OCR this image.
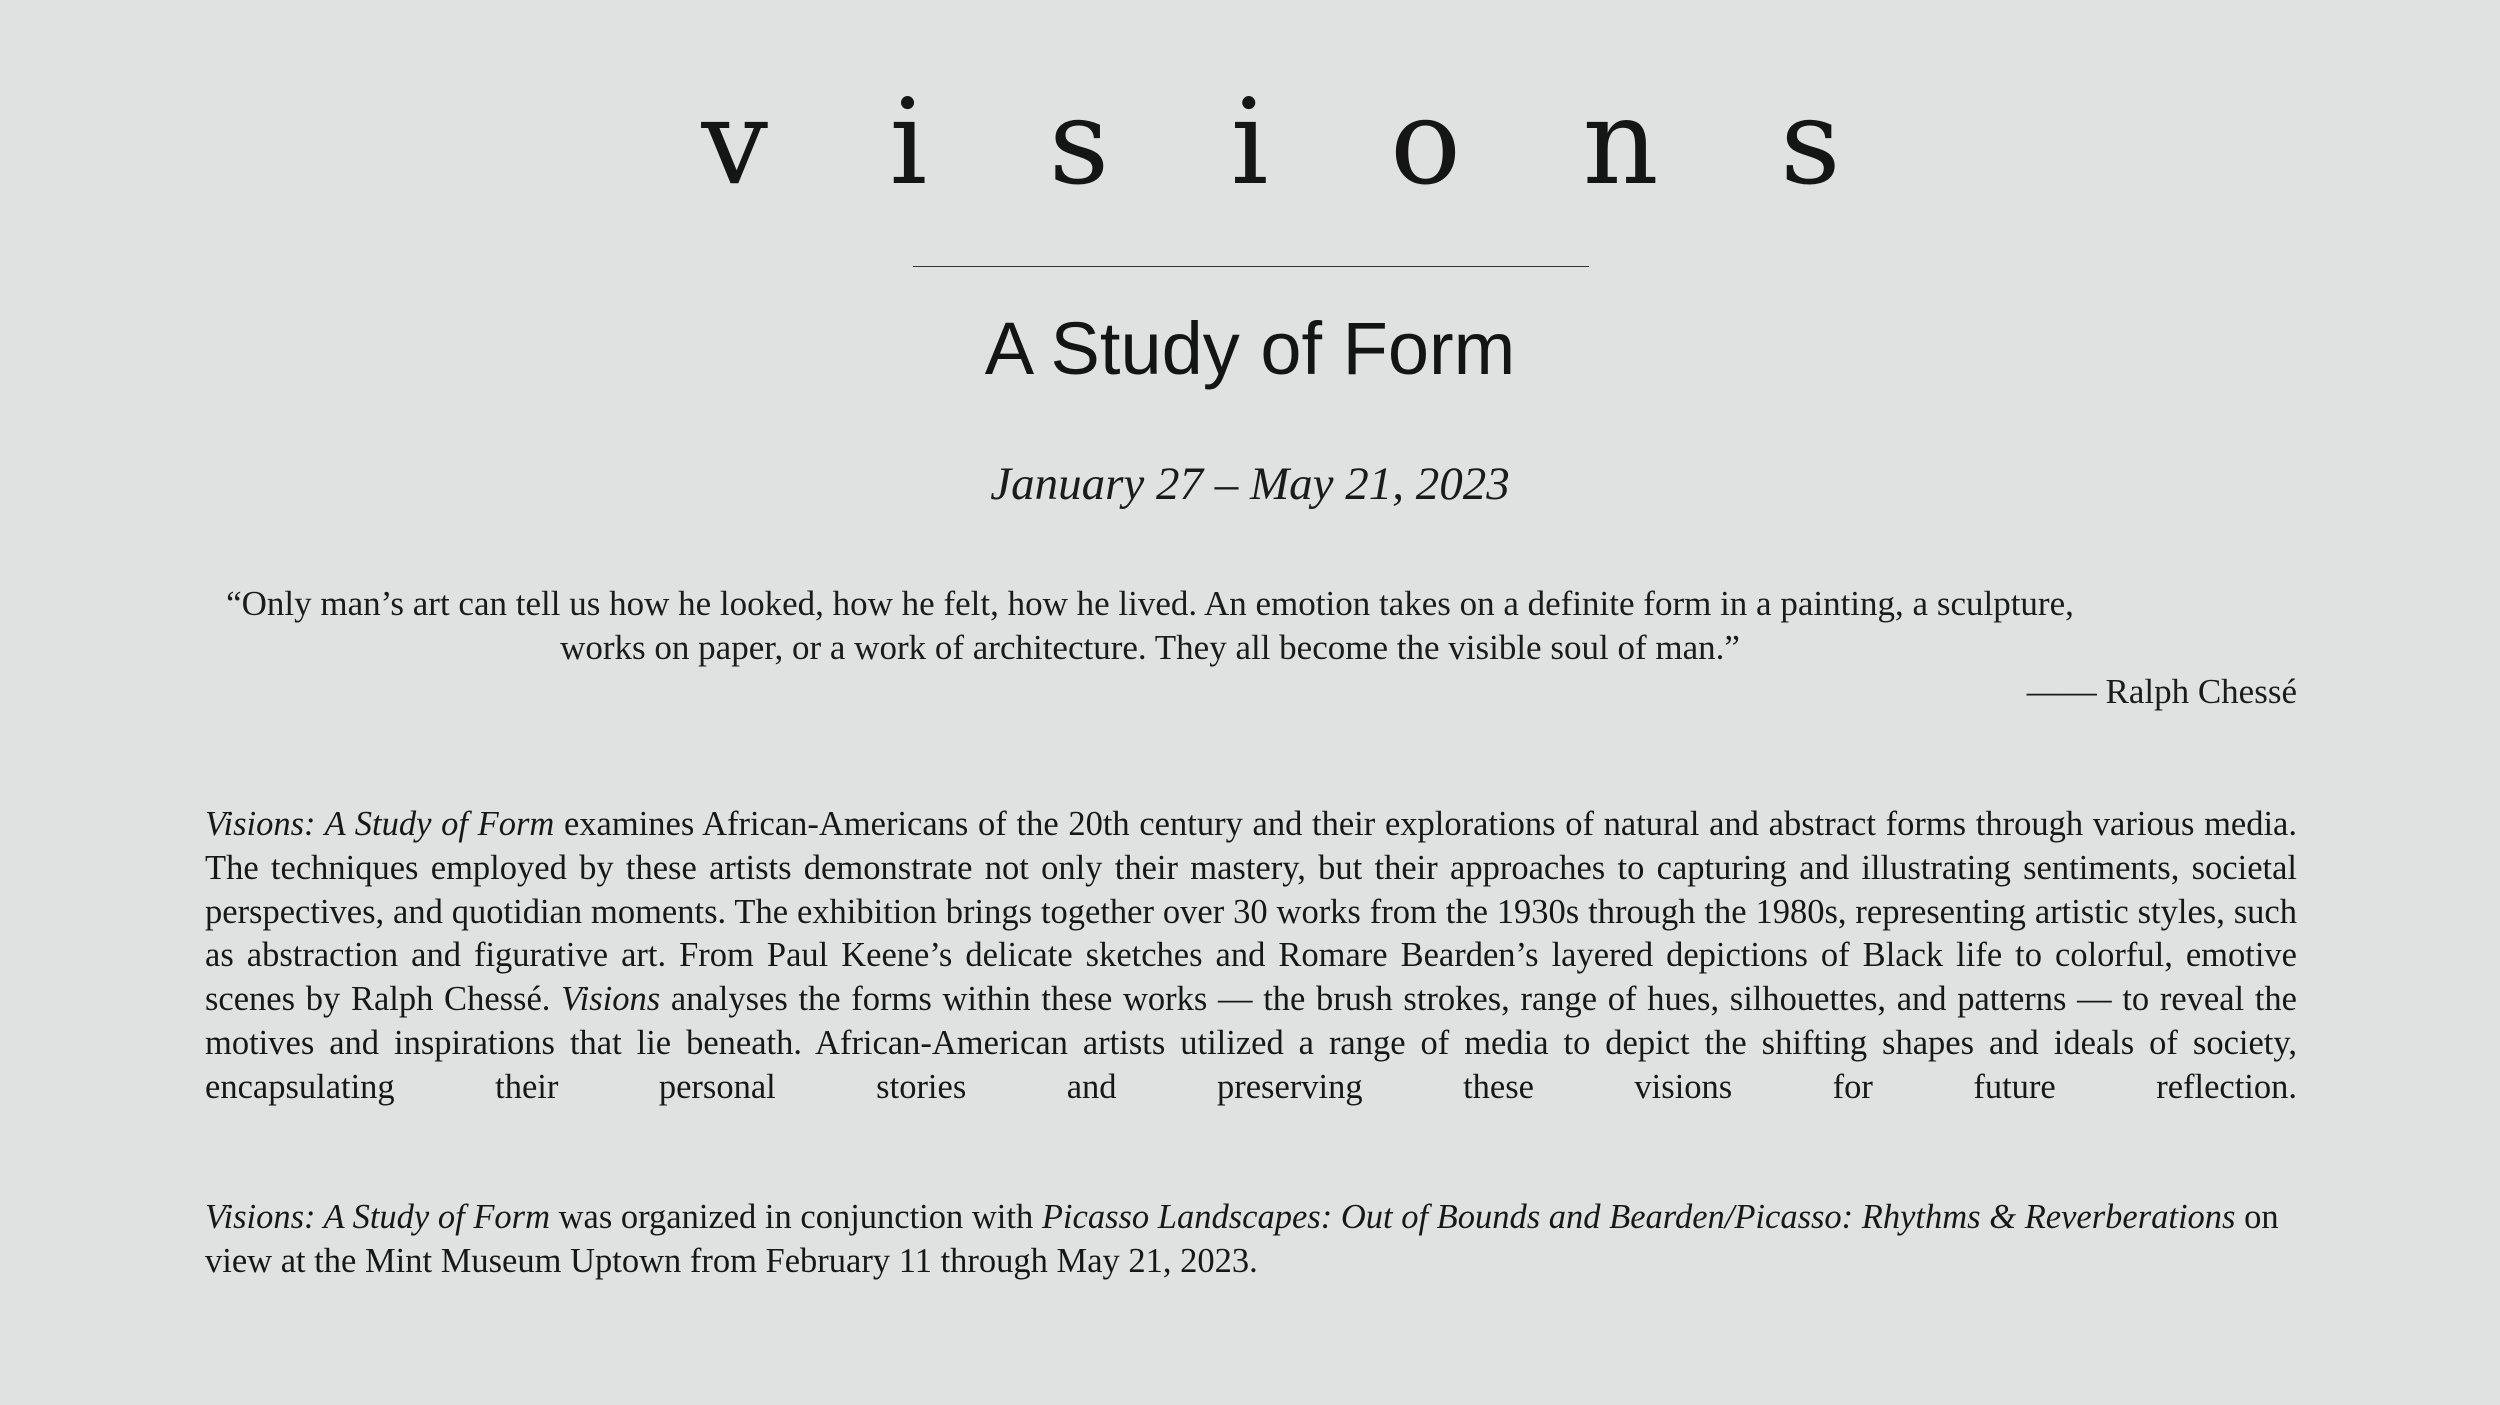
v i s i o n s
A Study of Form
January 27 – May 21, 2023
“Only man’s art can tell us how he looked, how he felt, how he lived. An emotion takes on a definite form in a painting, a sculpture, works on paper, or a work of architecture. They all become the visible soul of man.”
—— Ralph Chessé
Visions: A Study of Form examines African-Americans of the 20th century and their explorations of natural and abstract forms through various media. The techniques employed by these artists demonstrate not only their mastery, but their approaches to capturing and illustrating sentiments, societal perspectives, and quotidian moments. The exhibition brings together over 30 works from the 1930s through the 1980s, representing artistic styles, such as abstraction and figurative art. From Paul Keene’s delicate sketches and Romare Bearden’s layered depictions of Black life to colorful, emotive scenes by Ralph Chessé. Visions analyses the forms within these works — the brush strokes, range of hues, silhouettes, and patterns — to reveal the motives and inspirations that lie beneath. African-American artists utilized a range of media to depict the shifting shapes and ideals of society, encapsulating their personal stories and preserving these visions for future reflection.
Visions: A Study of Form was organized in conjunction with Picasso Landscapes: Out of Bounds and Bearden/Picasso: Rhythms & Reverberations on view at the Mint Museum Uptown from February 11 through May 21, 2023.
